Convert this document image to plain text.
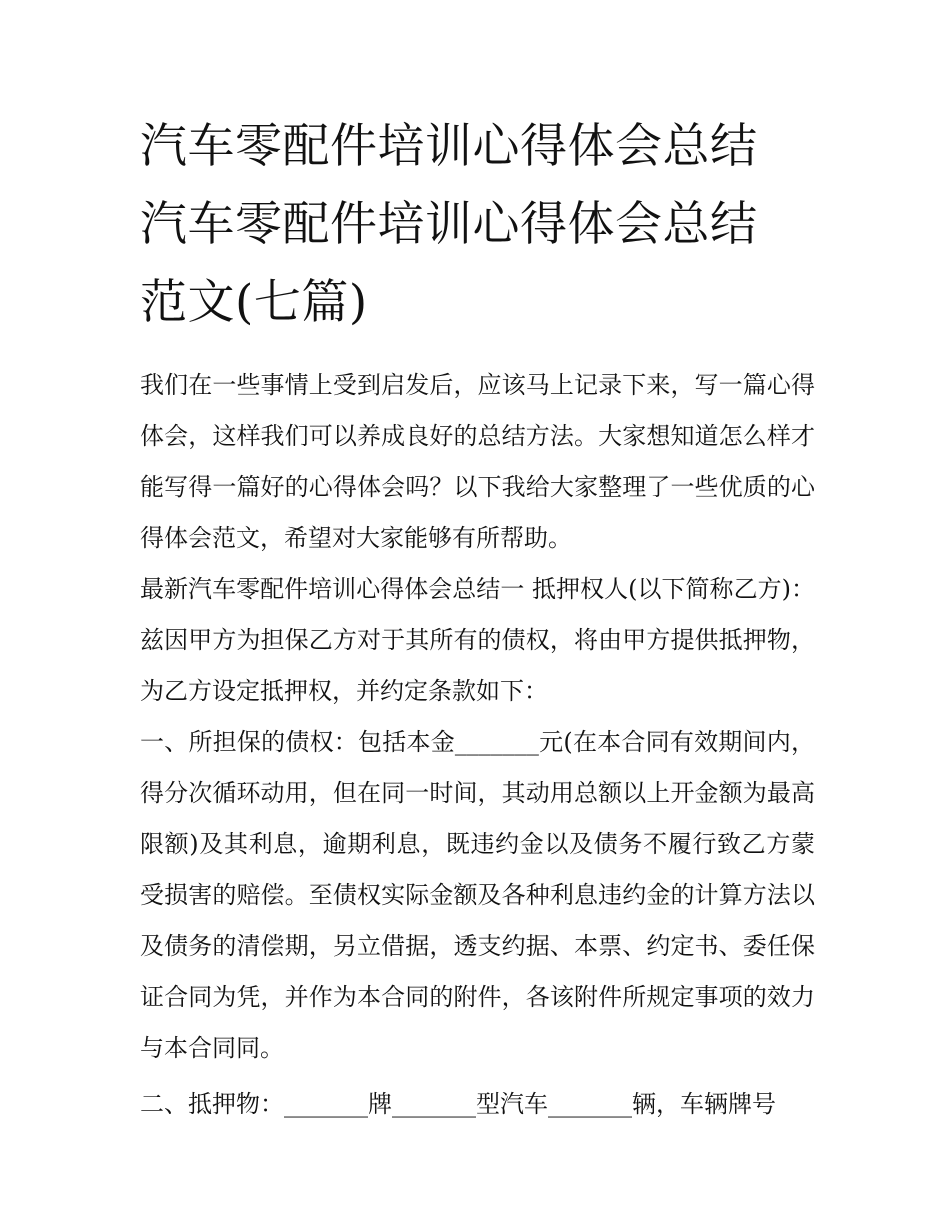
汽车零配件培训心得体会总结
汽车零配件培训心得体会总结
范文(七篇)

我们在一些事情上受到启发后，应该马上记录下来，写一篇心得体会，这样我们可以养成良好的总结方法。大家想知道怎么样才能写得一篇好的心得体会吗？以下我给大家整理了一些优质的心得体会范文，希望对大家能够有所帮助。

最新汽车零配件培训心得体会总结一 抵押权人(以下简称乙方)： 兹因甲方为担保乙方对于其所有的债权，将由甲方提供抵押物，为乙方设定抵押权，并约定条款如下：

一、所担保的债权：包括本金_______元(在本合同有效期间内，得分次循环动用，但在同一时间，其动用总额以上开金额为最高限额)及其利息，逾期利息，既违约金以及债务不履行致乙方蒙受损害的赔偿。至债权实际金额及各种利息违约金的计算方法以及债务的清偿期，另立借据，透支约据、本票、约定书、委任保证合同为凭，并作为本合同的附件，各该附件所规定事项的效力与本合同同。

二、抵押物：_______牌_______型汽车_______辆，车辆牌号
